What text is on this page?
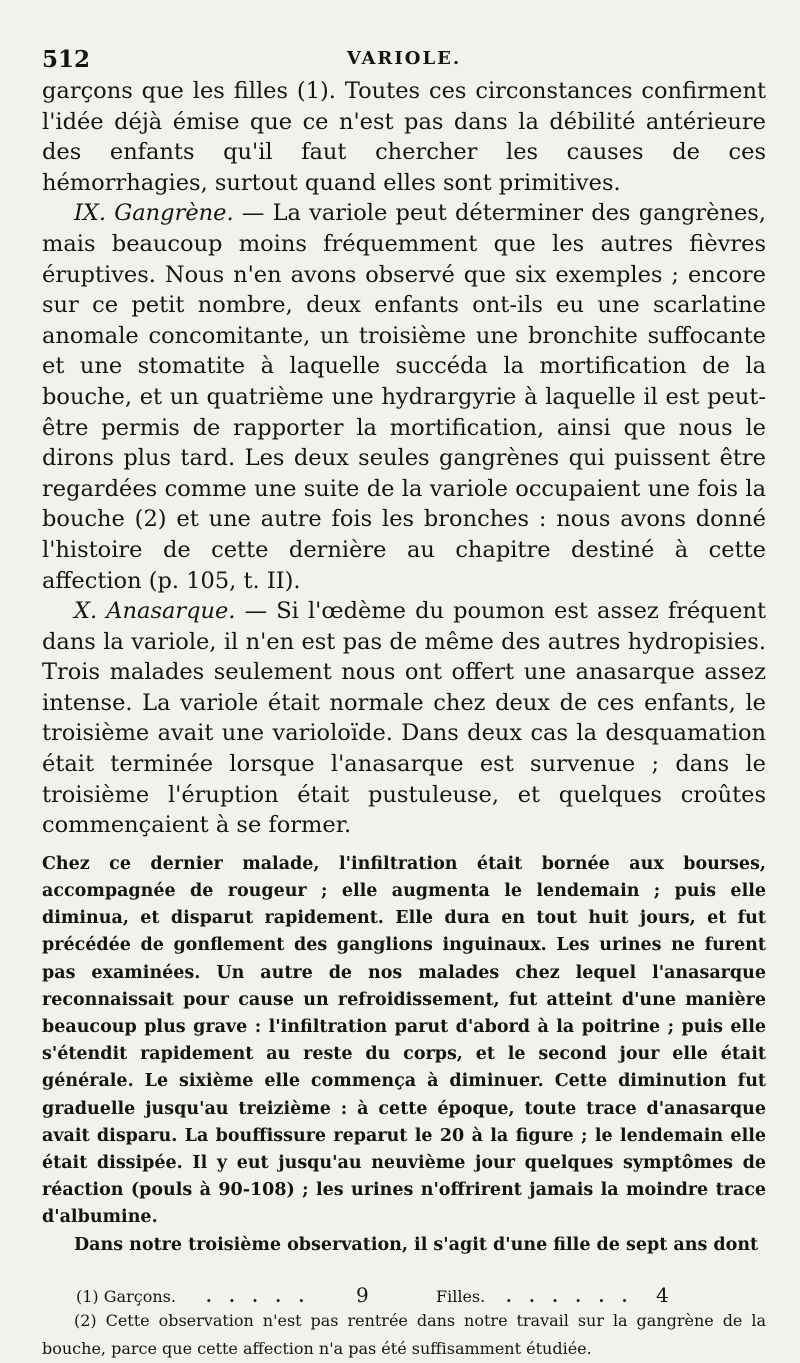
512	VARIOLE.

garçons que les filles (1). Toutes ces circonstances confirment l'idée déjà émise que ce n'est pas dans la débilité antérieure des enfants qu'il faut chercher les causes de ces hémorrhagies, surtout quand elles sont primitives.

IX. Gangrène. — La variole peut déterminer des gangrènes, mais beaucoup moins fréquemment que les autres fièvres éruptives. Nous n'en avons observé que six exemples ; encore sur ce petit nombre, deux enfants ont-ils eu une scarlatine anomale concomitante, un troisième une bronchite suffocante et une stomatite à laquelle succéda la mortification de la bouche, et un quatrième une hydrargyrie à laquelle il est peut-être permis de rapporter la mortification, ainsi que nous le dirons plus tard. Les deux seules gangrènes qui puissent être regardées comme une suite de la variole occupaient une fois la bouche (2) et une autre fois les bronches : nous avons donné l'histoire de cette dernière au chapitre destiné à cette affection (p. 105, t. II).

X. Anasarque. — Si l'œdème du poumon est assez fréquent dans la variole, il n'en est pas de même des autres hydropisies. Trois malades seulement nous ont offert une anasarque assez intense. La variole était normale chez deux de ces enfants, le troisième avait une varioloïde. Dans deux cas la desquamation était terminée lorsque l'anasarque est survenue ; dans le troisième l'éruption était pustuleuse, et quelques croûtes commençaient à se former.

Chez ce dernier malade, l'infiltration était bornée aux bourses, accompagnée de rougeur ; elle augmenta le lendemain ; puis elle diminua, et disparut rapidement. Elle dura en tout huit jours, et fut précédée de gonflement des ganglions inguinaux. Les urines ne furent pas examinées. Un autre de nos malades chez lequel l'anasarque reconnaissait pour cause un refroidissement, fut atteint d'une manière beaucoup plus grave : l'infiltration parut d'abord à la poitrine ; puis elle s'étendit rapidement au reste du corps, et le second jour elle était générale. Le sixième elle commença à diminuer. Cette diminution fut graduelle jusqu'au treizième : à cette époque, toute trace d'anasarque avait disparu. La bouffissure reparut le 20 à la figure ; le lendemain elle était dissipée. Il y eut jusqu'au neuvième jour quelques symptômes de réaction (pouls à 90-108) ; les urines n'offrirent jamais la moindre trace d'albumine.

Dans notre troisième observation, il s'agit d'une fille de sept ans dont

(1) Garçons.	. . . . .	9	Filles.	. . . . . .	4

(2) Cette observation n'est pas rentrée dans notre travail sur la gangrène de la bouche, parce que cette affection n'a pas été suffisamment étudiée.
